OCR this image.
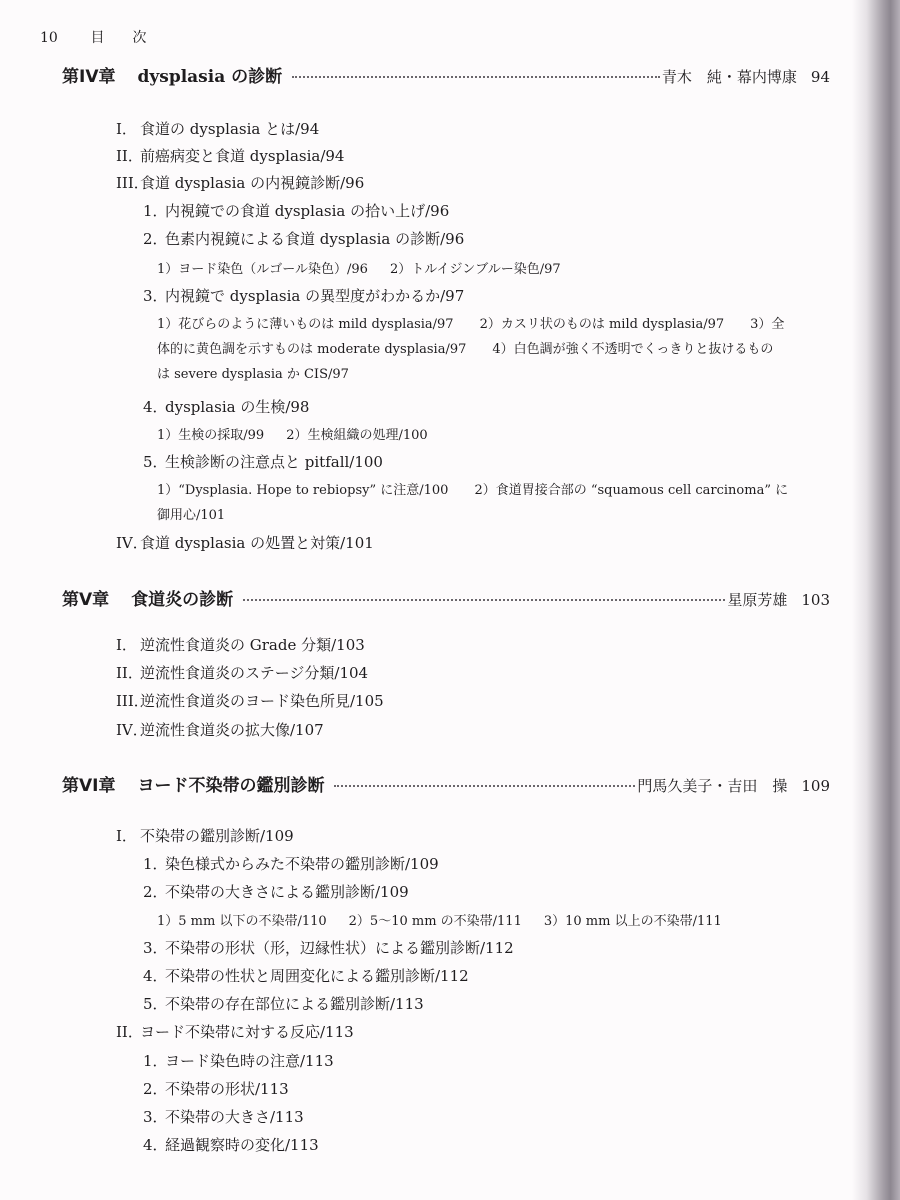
10 目次
第IV章 dysplasia の診断	青木　純・幕内博康 94
I． 食道の dysplasia とは/94
II．前癌病変と食道 dysplasia/94
III．食道 dysplasia の内視鏡診断/96
1．内視鏡での食道 dysplasia の拾い上げ/96
2．色素内視鏡による食道 dysplasia の診断/96
1）ヨード染色（ルゴール染色）/96 2）トルイジンブルー染色/97
3．内視鏡で dysplasia の異型度がわかるか/97
1）花びらのように薄いものは mild dysplasia/97　　2）カスリ状のものは mild dysplasia/97　　3）全
体的に黄色調を示すものは moderate dysplasia/97　　4）白色調が強く不透明でくっきりと抜けるもの
は severe dysplasia か CIS/97
4．dysplasia の生検/98
1）生検の採取/99 2）生検組織の処理/100
5．生検診断の注意点と pitfall/100
1）“Dysplasia. Hope to rebiopsy” に注意/100　　2）食道胃接合部の “squamous cell carcinoma” に
御用心/101
IV．食道 dysplasia の処置と対策/101
第V章 食道炎の診断	星原芳雄 103
I． 逆流性食道炎の Grade 分類/103
II．逆流性食道炎のステージ分類/104
III．逆流性食道炎のヨード染色所見/105
IV．逆流性食道炎の拡大像/107
第VI章 ヨード不染帯の鑑別診断	門馬久美子・吉田　操 109
I． 不染帯の鑑別診断/109
1．染色様式からみた不染帯の鑑別診断/109
2．不染帯の大きさによる鑑別診断/109
1）5 mm 以下の不染帯/110 2）5〜10 mm の不染帯/111 3）10 mm 以上の不染帯/111
3．不染帯の形状（形，辺縁性状）による鑑別診断/112
4．不染帯の性状と周囲変化による鑑別診断/112
5．不染帯の存在部位による鑑別診断/113
II．ヨード不染帯に対する反応/113
1．ヨード染色時の注意/113
2．不染帯の形状/113
3．不染帯の大きさ/113
4．経過観察時の変化/113
